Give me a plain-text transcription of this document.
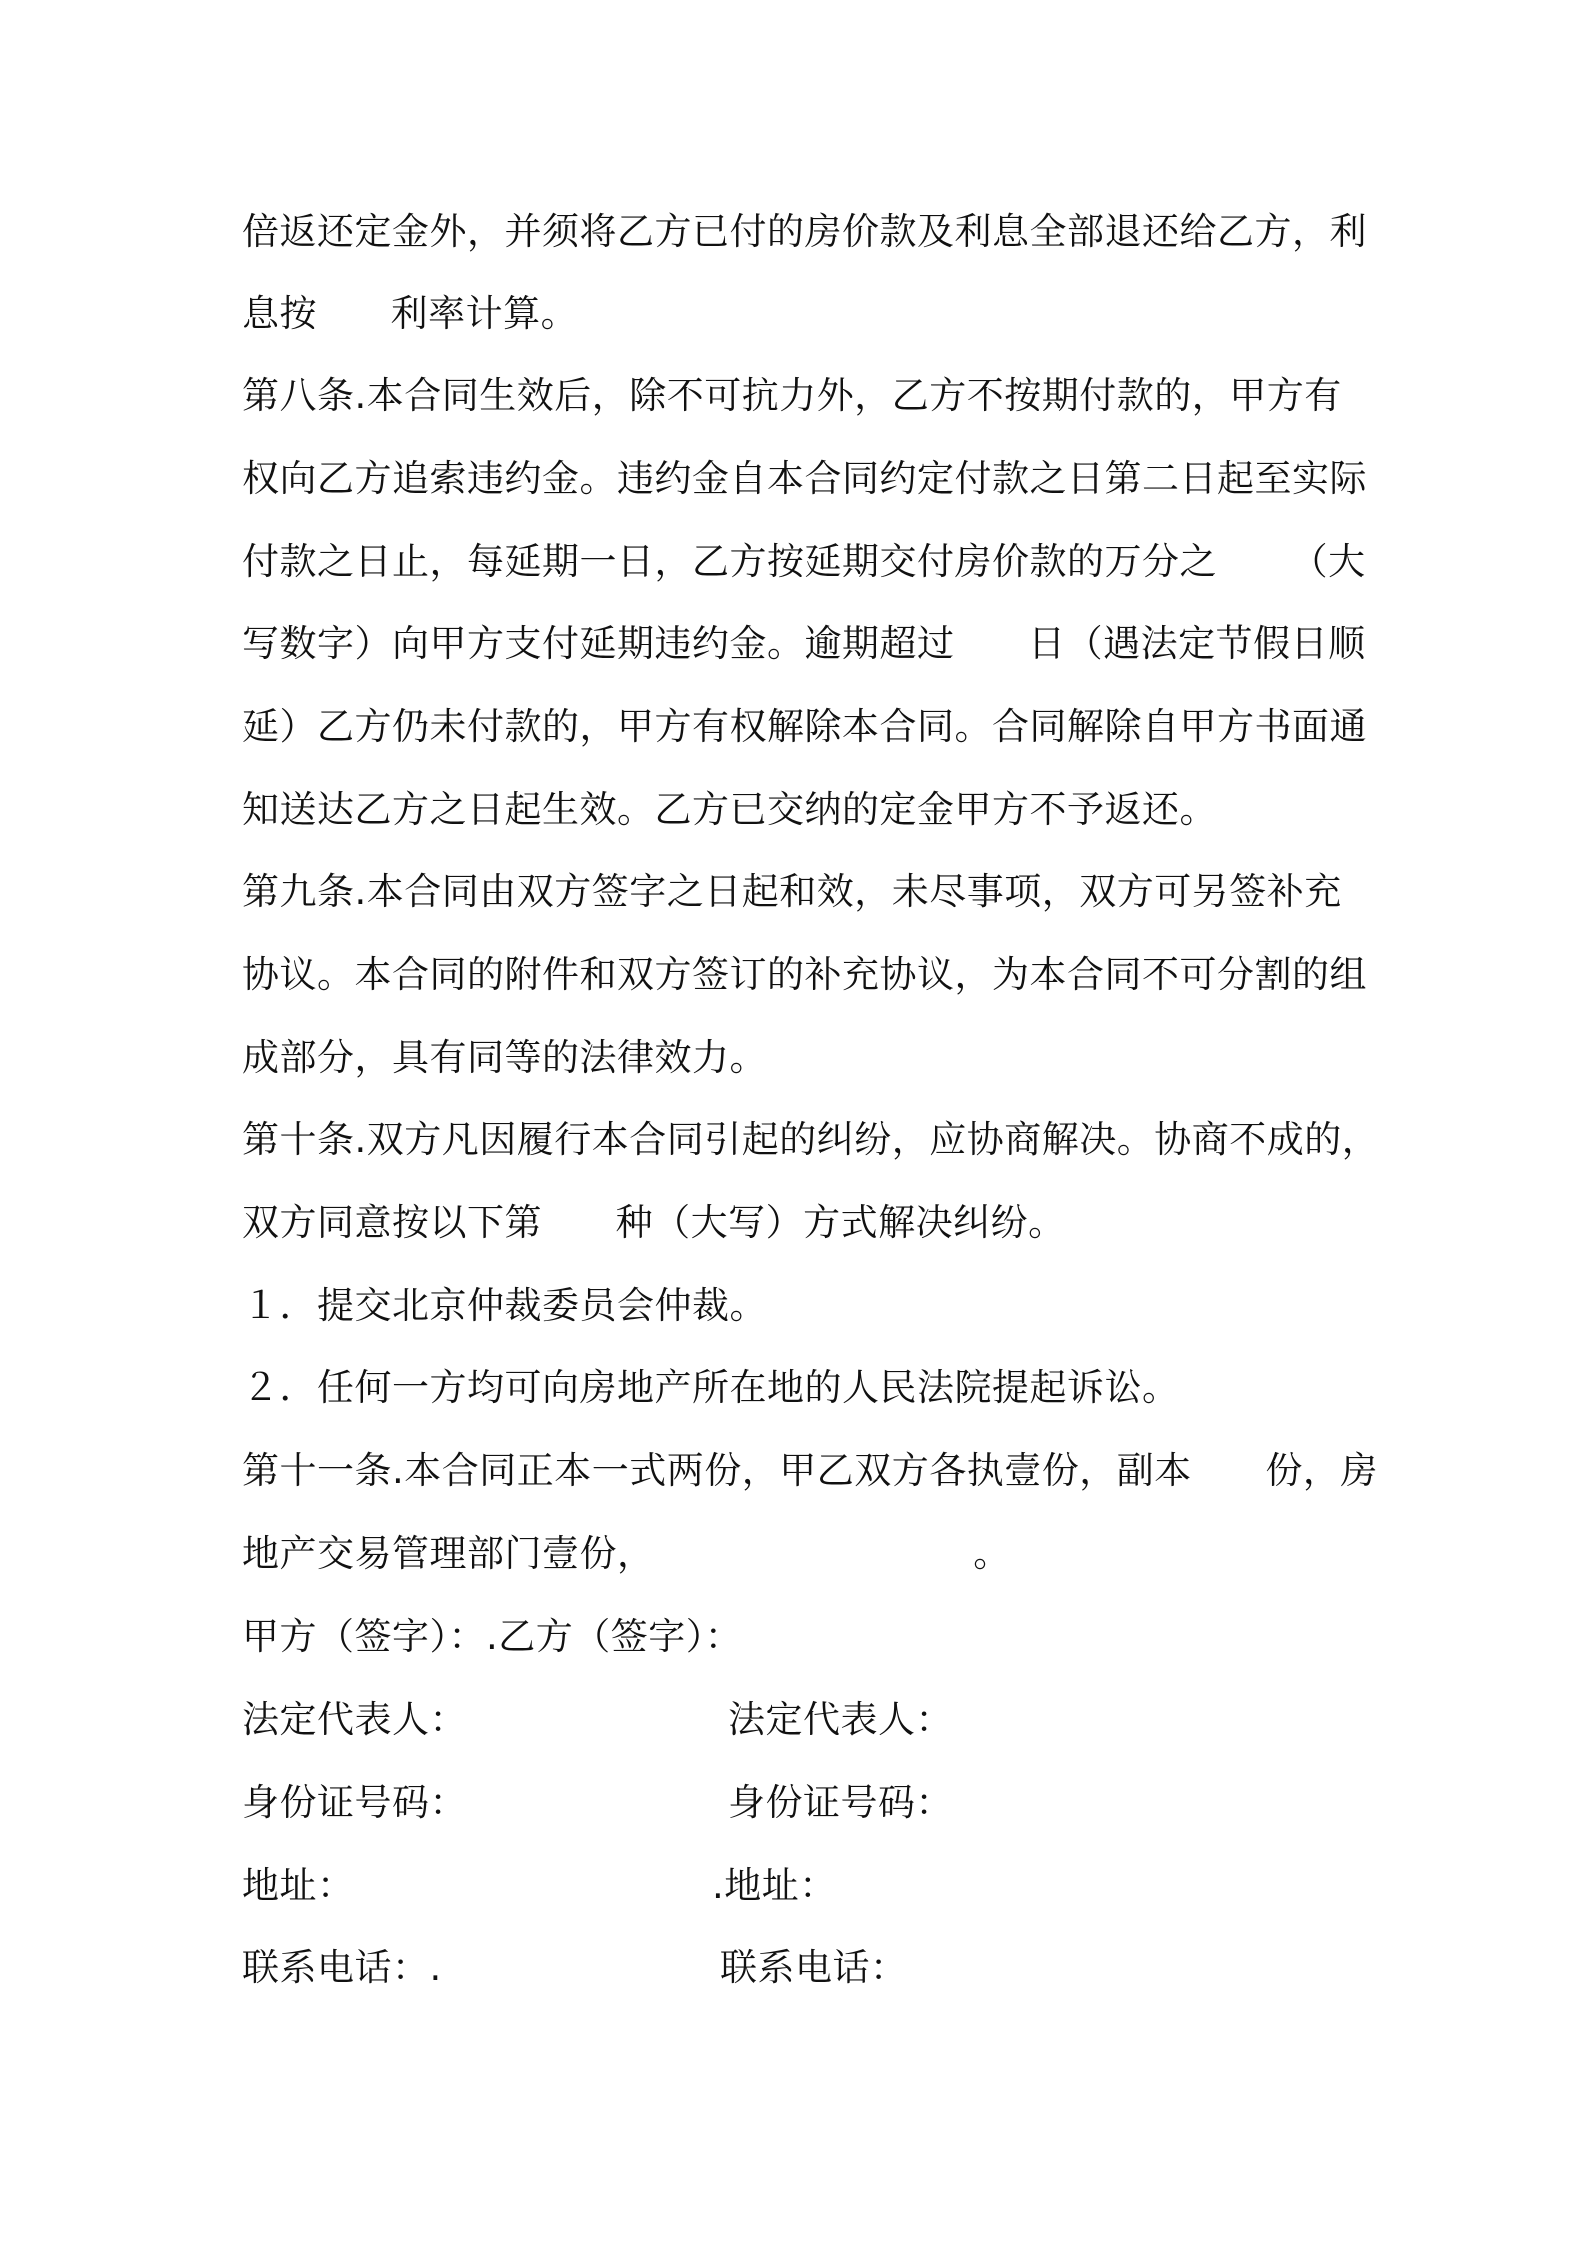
倍返还定金外，并须将乙方已付的房价款及利息全部退还给乙方，利
息按      利率计算。
第八条.本合同生效后，除不可抗力外，乙方不按期付款的，甲方有
权向乙方追索违约金。违约金自本合同约定付款之日第二日起至实际
付款之日止，每延期一日，乙方按延期交付房价款的万分之      （大
写数字）向甲方支付延期违约金。逾期超过      日（遇法定节假日顺
延）乙方仍未付款的，甲方有权解除本合同。合同解除自甲方书面通
知送达乙方之日起生效。乙方已交纳的定金甲方不予返还。
第九条.本合同由双方签字之日起和效，未尽事项，双方可另签补充
协议。本合同的附件和双方签订的补充协议，为本合同不可分割的组
成部分，具有同等的法律效力。
第十条.双方凡因履行本合同引起的纠纷，应协商解决。协商不成的，
双方同意按以下第      种（大写）方式解决纠纷。
１．提交北京仲裁委员会仲裁。
２．任何一方均可向房地产所在地的人民法院提起诉讼。
第十一条.本合同正本一式两份，甲乙双方各执壹份，副本      份，房
地产交易管理部门壹份，                          。
甲方（签字）：.乙方（签字）：
法定代表人：	法定代表人：
身份证号码：	身份证号码：
地址：	.地址：
联系电话：.	联系电话：
